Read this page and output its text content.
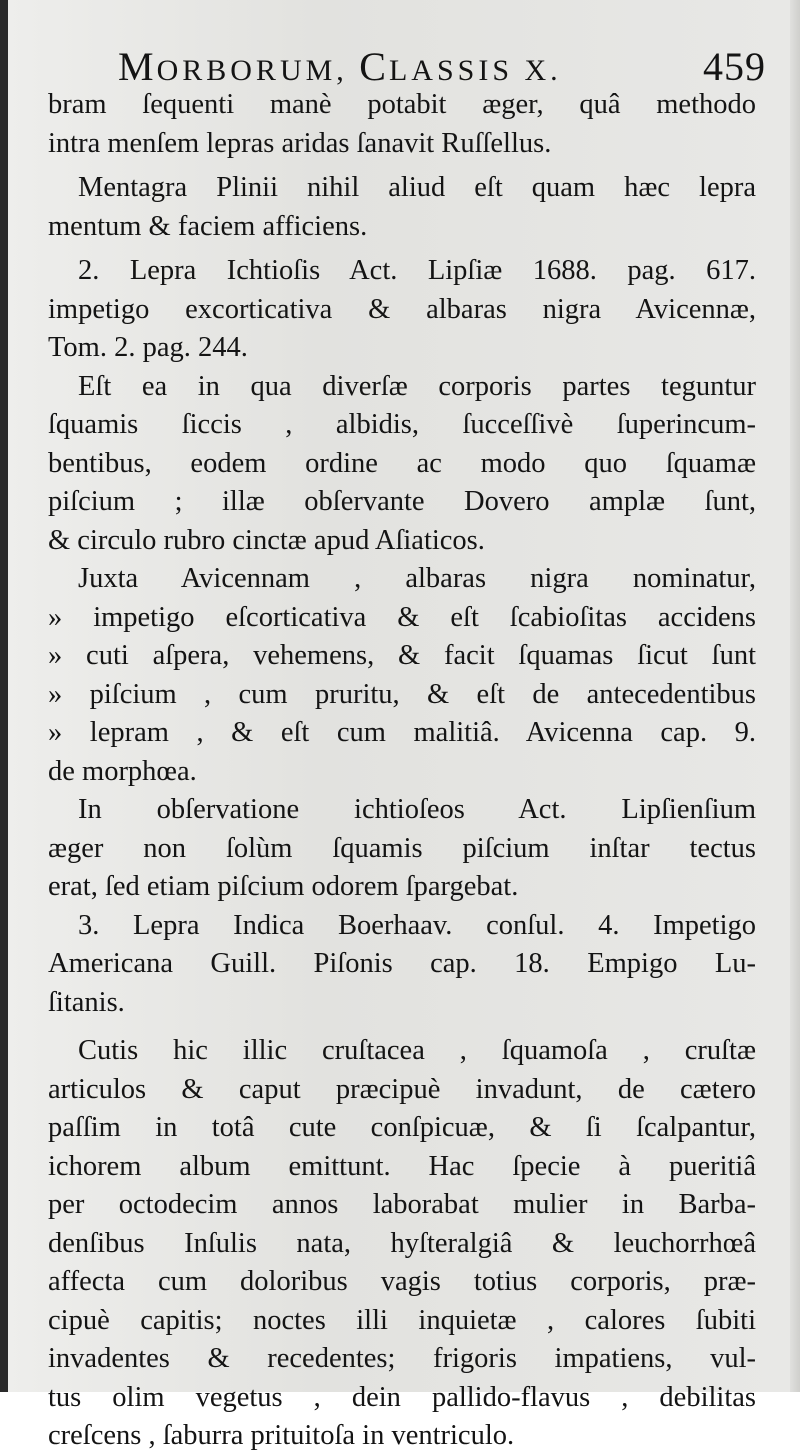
MORBORUM, CLASSIS X.	459
bram ſequenti manè potabit æger, quâ methodo
intra menſem lepras aridas ſanavit Ruſſellus.
Mentagra Plinii nihil aliud eſt quam hæc lepra
mentum & faciem afficiens.
2. Lepra Ichtioſis Act. Lipſiæ 1688. pag. 617.
impetigo excorticativa & albaras nigra Avicennæ,
Tom. 2. pag. 244.
Eſt ea in qua diverſæ corporis partes teguntur
ſquamis ſiccis , albidis, ſucceſſivè ſuperincum-
bentibus, eodem ordine ac modo quo ſquamæ
piſcium ; illæ obſervante Dovero amplæ ſunt,
& circulo rubro cinctæ apud Aſiaticos.
Juxta Avicennam , albaras nigra nominatur,
» impetigo eſcorticativa & eſt ſcabioſitas accidens
» cuti aſpera, vehemens, & facit ſquamas ſicut ſunt
» piſcium , cum pruritu, & eſt de antecedentibus
» lepram , & eſt cum malitiâ. Avicenna cap. 9.
de morphœa.
In obſervatione ichtioſeos Act. Lipſienſium
æger non ſolùm ſquamis piſcium inſtar tectus
erat, ſed etiam piſcium odorem ſpargebat.
3. Lepra Indica Boerhaav. conſul. 4. Impetigo
Americana Guill. Piſonis cap. 18. Empigo Lu-
ſitanis.
Cutis hic illic cruſtacea , ſquamoſa , cruſtæ
articulos & caput præcipuè invadunt, de cætero
paſſim in totâ cute conſpicuæ, & ſi ſcalpantur,
ichorem album emittunt. Hac ſpecie à pueritiâ
per octodecim annos laborabat mulier in Barba-
denſibus Inſulis nata, hyſteralgiâ & leuchorrhœâ
affecta cum doloribus vagis totius corporis, præ-
cipuè capitis; noctes illi inquietæ , calores ſubiti
invadentes & recedentes; frigoris impatiens, vul-
tus olim vegetus , dein pallido-flavus , debilitas
creſcens , ſaburra prituitoſa in ventriculo.
